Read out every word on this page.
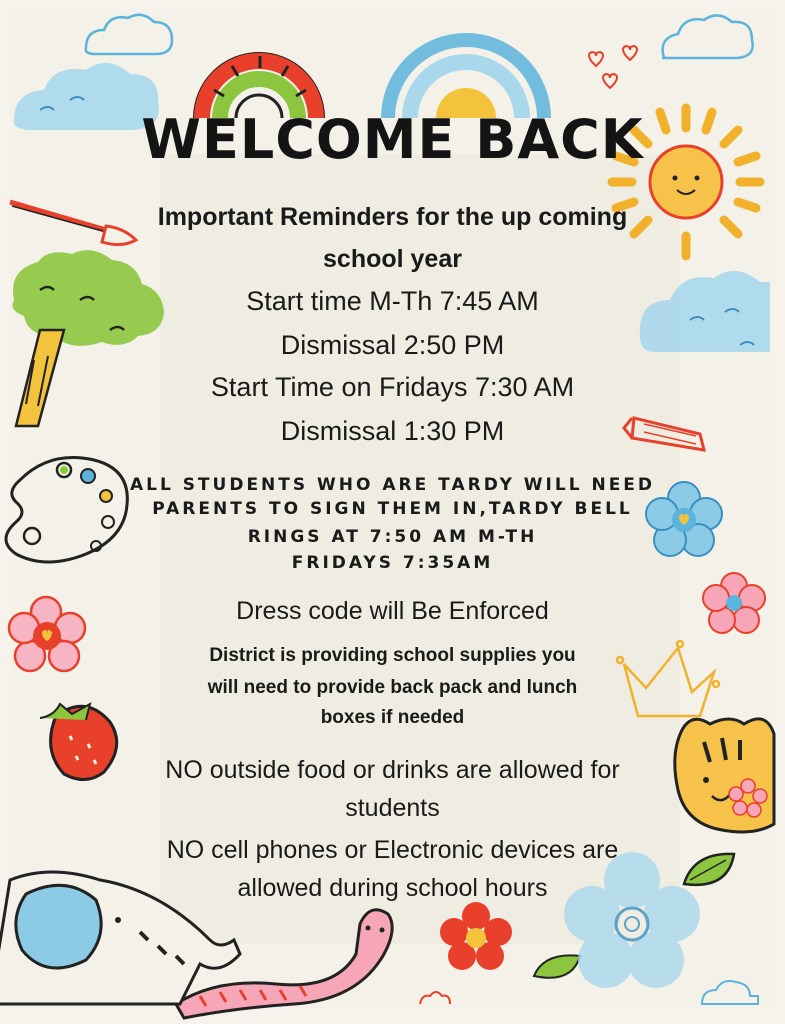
WELCOME BACK

Important Reminders for the up coming

school year

Start time M-Th 7:45 AM

Dismissal 2:50 PM

Start Time on Fridays 7:30 AM

Dismissal 1:30 PM

ALL STUDENTS WHO ARE TARDY WILL NEED

PARENTS TO SIGN THEM IN,TARDY BELL

RINGS AT 7:50 AM M-TH

FRIDAYS 7:35AM

Dress code will Be Enforced

District is providing school supplies you

will need to provide back pack and lunch

boxes if needed

NO outside food or drinks are allowed for

students

NO cell phones or Electronic devices are

allowed during school hours
